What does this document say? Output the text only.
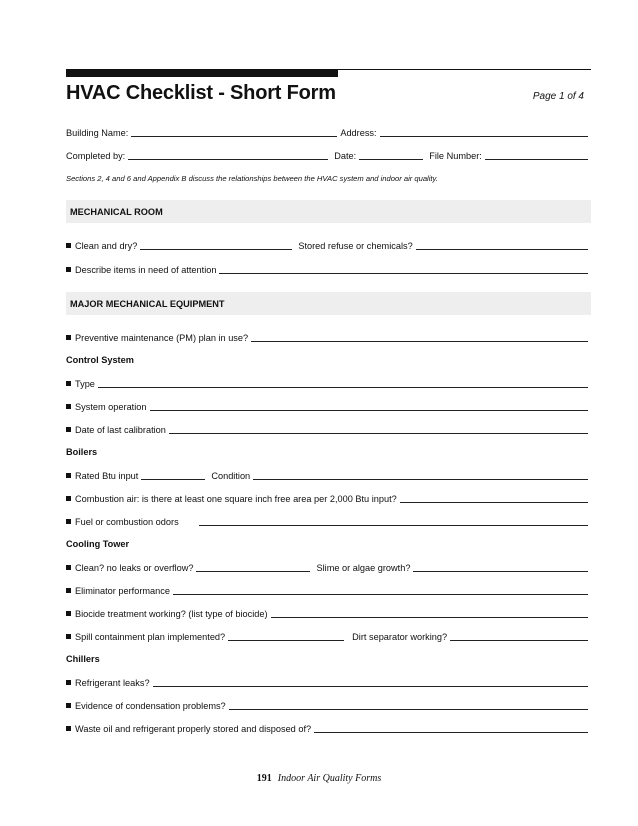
HVAC Checklist - Short Form	Page 1 of 4
Building Name:	Address:
Completed by:	Date:	File Number:
Sections 2, 4 and 6 and Appendix B discuss the relationships between the HVAC system and indoor air quality.
MECHANICAL ROOM
Clean and dry?	Stored refuse or chemicals?
Describe items in need of attention
MAJOR MECHANICAL EQUIPMENT
Preventive maintenance (PM) plan in use?
Control System
Type
System operation
Date of last calibration
Boilers
Rated Btu input	Condition
Combustion air: is there at least one square inch free area per 2,000 Btu input?
Fuel or combustion odors
Cooling Tower
Clean? no leaks or overflow?	Slime or algae growth?
Eliminator performance
Biocide treatment working? (list type of biocide)
Spill containment plan implemented?	Dirt separator working?
Chillers
Refrigerant leaks?
Evidence of condensation problems?
Waste oil and refrigerant properly stored and disposed of?
191 Indoor Air Quality Forms
